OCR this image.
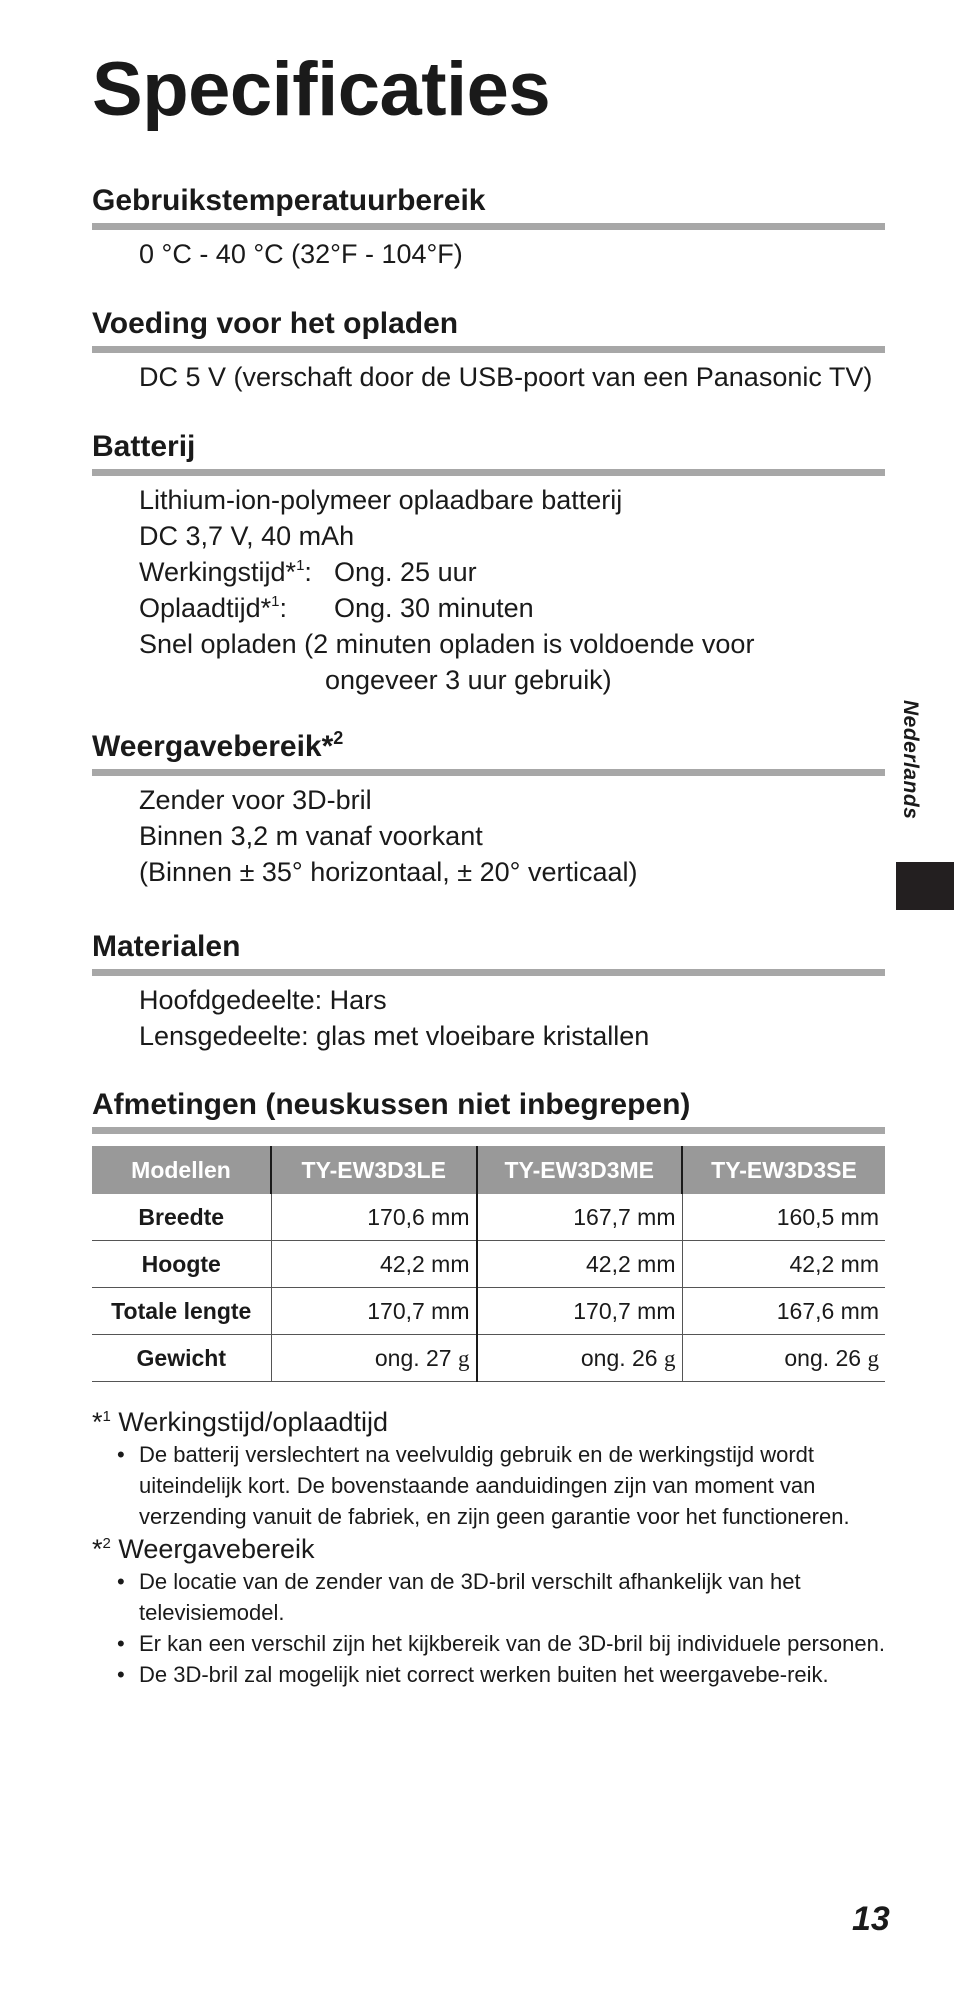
Specificaties
Gebruikstemperatuurbereik
0 °C - 40 °C (32°F - 104°F)
Voeding voor het opladen
DC 5 V (verschaft door de USB-poort van een Panasonic TV)
Batterij
Lithium-ion-polymeer oplaadbare batterij
DC 3,7 V, 40 mAh
Werkingstijd*$^1$: Ong. 25 uur
Oplaadtijd*$^1$: Ong. 30 minuten
Snel opladen (2 minuten opladen is voldoende voor
ongeveer 3 uur gebruik)
Weergavebereik*$^2$
Zender voor 3D-bril
Binnen 3,2 m vanaf voorkant
(Binnen ± 35° horizontaal, ± 20° verticaal)
Materialen
Hoofdgedeelte: Hars
Lensgedeelte: glas met vloeibare kristallen
Afmetingen (neuskussen niet inbegrepen)
Modellen	TY-EW3D3LE	TY-EW3D3ME	TY-EW3D3SE
Breedte	170,6 mm	167,7 mm	160,5 mm
Hoogte	42,2 mm	42,2 mm	42,2 mm
Totale lengte	170,7 mm	170,7 mm	167,6 mm
Gewicht	ong. 27 g	ong. 26 g	ong. 26 g
*$^1$ Werkingstijd/oplaadtijd
• De batterij verslechtert na veelvuldig gebruik en de werkingstijd wordt uiteindelijk kort. De bovenstaande aanduidingen zijn van moment van verzending vanuit de fabriek, en zijn geen garantie voor het functioneren.
*$^2$ Weergavebereik
• De locatie van de zender van de 3D-bril verschilt afhankelijk van het televisiemodel.
• Er kan een verschil zijn het kijkbereik van de 3D-bril bij individuele personen.
• De 3D-bril zal mogelijk niet correct werken buiten het weergavebe-reik.
Nederlands
13
